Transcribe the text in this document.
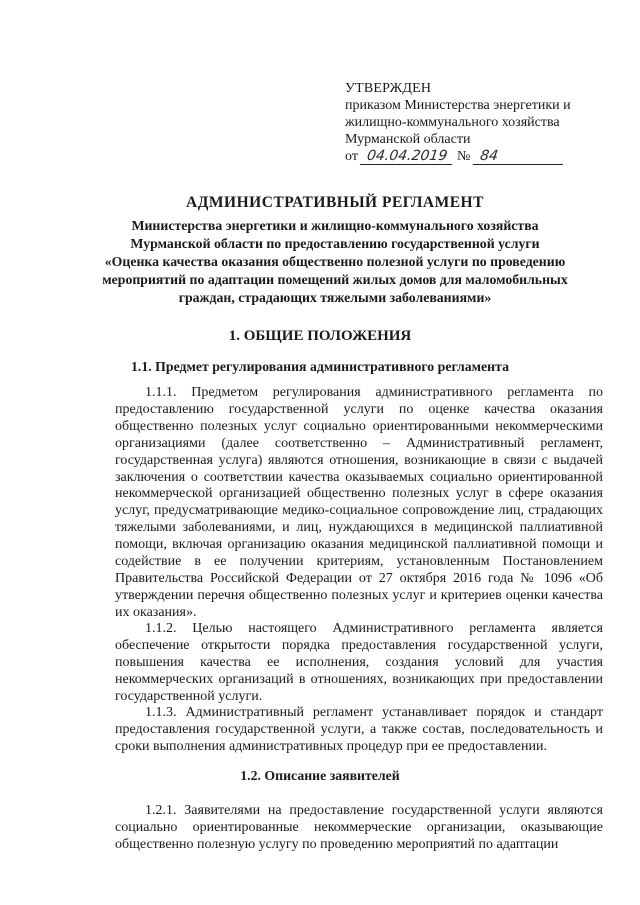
УТВЕРЖДЕН
приказом Министерства энергетики и
жилищно-коммунального хозяйства
Мурманской области
от 04.04.2019 № 84
АДМИНИСТРАТИВНЫЙ РЕГЛАМЕНТ
Министерства энергетики и жилищно-коммунального хозяйства
Мурманской области по предоставлению государственной услуги
«Оценка качества оказания общественно полезной услуги по проведению
мероприятий по адаптации помещений жилых домов для маломобильных
граждан, страдающих тяжелыми заболеваниями»
1. ОБЩИЕ ПОЛОЖЕНИЯ
1.1. Предмет регулирования административного регламента
1.1.1. Предметом регулирования административного регламента по предоставлению государственной услуги по оценке качества оказания общественно полезных услуг социально ориентированными некоммерческими организациями (далее соответственно – Административный регламент, государственная услуга) являются отношения, возникающие в связи с выдачей заключения о соответствии качества оказываемых социально ориентированной некоммерческой организацией общественно полезных услуг в сфере оказания услуг, предусматривающие медико-социальное сопровождение лиц, страдающих тяжелыми заболеваниями, и лиц, нуждающихся в медицинской паллиативной помощи, включая организацию оказания медицинской паллиативной помощи и содействие в ее получении критериям, установленным Постановлением Правительства Российской Федерации от 27 октября 2016 года № 1096 «Об утверждении перечня общественно полезных услуг и критериев оценки качества их оказания».
1.1.2. Целью настоящего Административного регламента является обеспечение открытости порядка предоставления государственной услуги, повышения качества ее исполнения, создания условий для участия некоммерческих организаций в отношениях, возникающих при предоставлении государственной услуги.
1.1.3. Административный регламент устанавливает порядок и стандарт предоставления государственной услуги, а также состав, последовательность и сроки выполнения административных процедур при ее предоставлении.
1.2. Описание заявителей
1.2.1. Заявителями на предоставление государственной услуги являются социально ориентированные некоммерческие организации, оказывающие общественно полезную услугу по проведению мероприятий по адаптации
